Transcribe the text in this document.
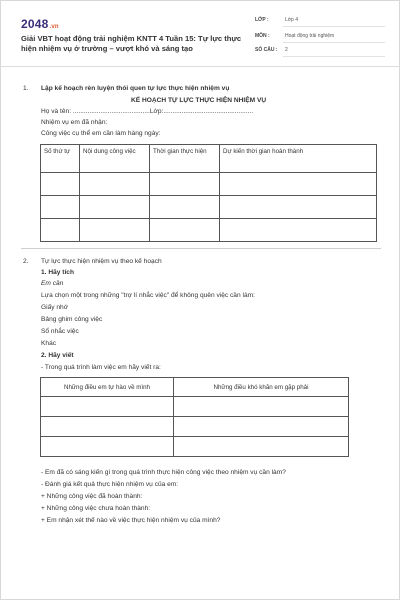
2048.vn
Giải VBT hoạt động trải nghiệm KNTT 4 Tuần 15: Tự lực thực hiện nhiệm vụ ở trường – vượt khó và sáng tạo
LỚP :	Lớp 4
MÔN :	Hoạt động trải nghiệm
SỐ CÂU : 2
1. Lập kế hoạch rèn luyện thói quen tự lực thực hiện nhiệm vụ
KẾ HOẠCH TỰ LỰC THỰC HIỆN NHIỆM VỤ
Họ và tên: ..........................................Lớp:.................................................
Nhiệm vụ em đã nhận:
Công việc cụ thể em cần làm hàng ngày:
Số thứ tự	Nội dung công việc	Thời gian thực hiện	Dự kiến thời gian hoàn thành

2. Tự lực thực hiện nhiệm vụ theo kế hoạch
1. Hãy tích
Em cần
Lựa chọn một trong những "trợ lí nhắc việc" để không quên việc cần làm:
Giấy nhớ
Bảng ghim công việc
Sổ nhắc việc
Khác
2. Hãy viết
- Trong quá trình làm việc em hãy viết ra:
Những điều em tự hào về mình	Những điều khó khăn em gặp phải

- Em đã có sáng kiến gì trong quá trình thực hiện công việc theo nhiệm vụ cần làm?
- Đánh giá kết quả thực hiện nhiệm vụ của em:
+ Những công việc đã hoàn thành:
+ Những công việc chưa hoàn thành:
+ Em nhận xét thế nào về việc thực hiện nhiệm vụ của mình?
